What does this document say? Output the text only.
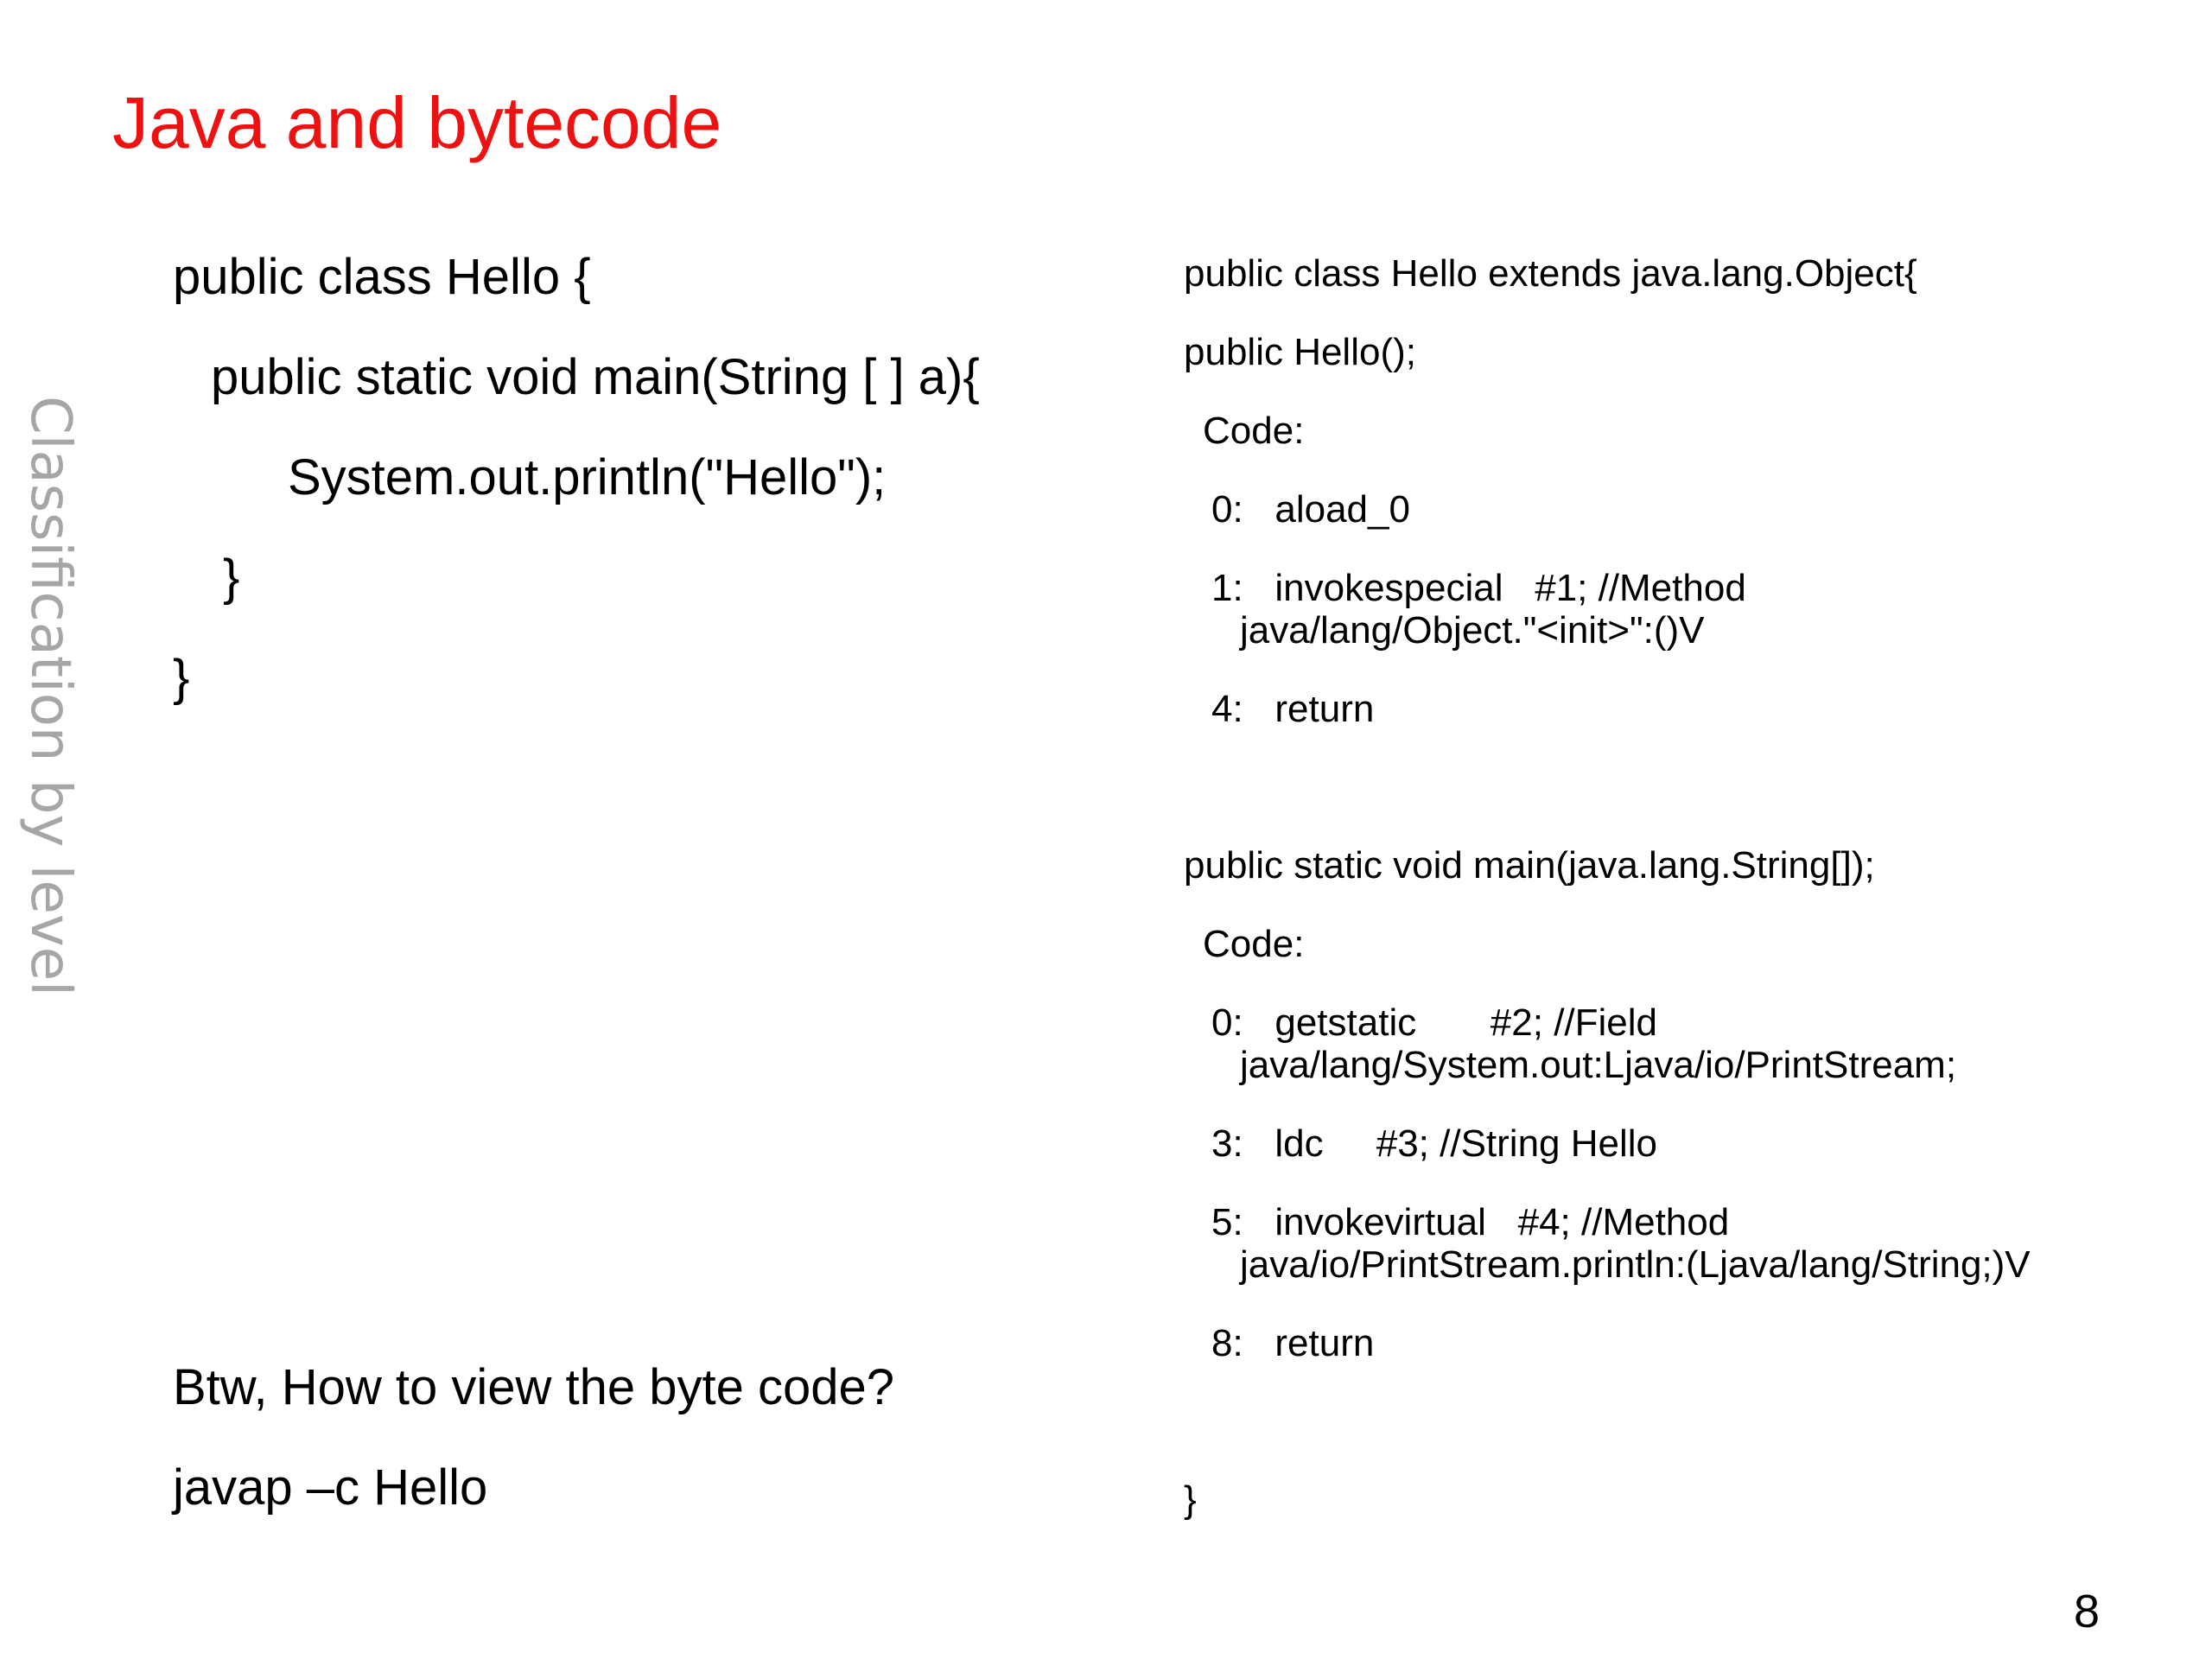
Java and bytecode
Classification by level
public class Hello {
public static void main(String [ ] a){
System.out.println("Hello");
}
}
public class Hello extends java.lang.Object{
public Hello();
Code:
0:   aload_0
1:   invokespecial   #1; //Method
java/lang/Object."<init>":()V
4:   return
public static void main(java.lang.String[]);
Code:
0:   getstatic       #2; //Field
java/lang/System.out:Ljava/io/PrintStream;
3:   ldc     #3; //String Hello
5:   invokevirtual   #4; //Method
java/io/PrintStream.println:(Ljava/lang/String;)V
8:   return
}
Btw, How to view the byte code?
javap –c Hello
8
